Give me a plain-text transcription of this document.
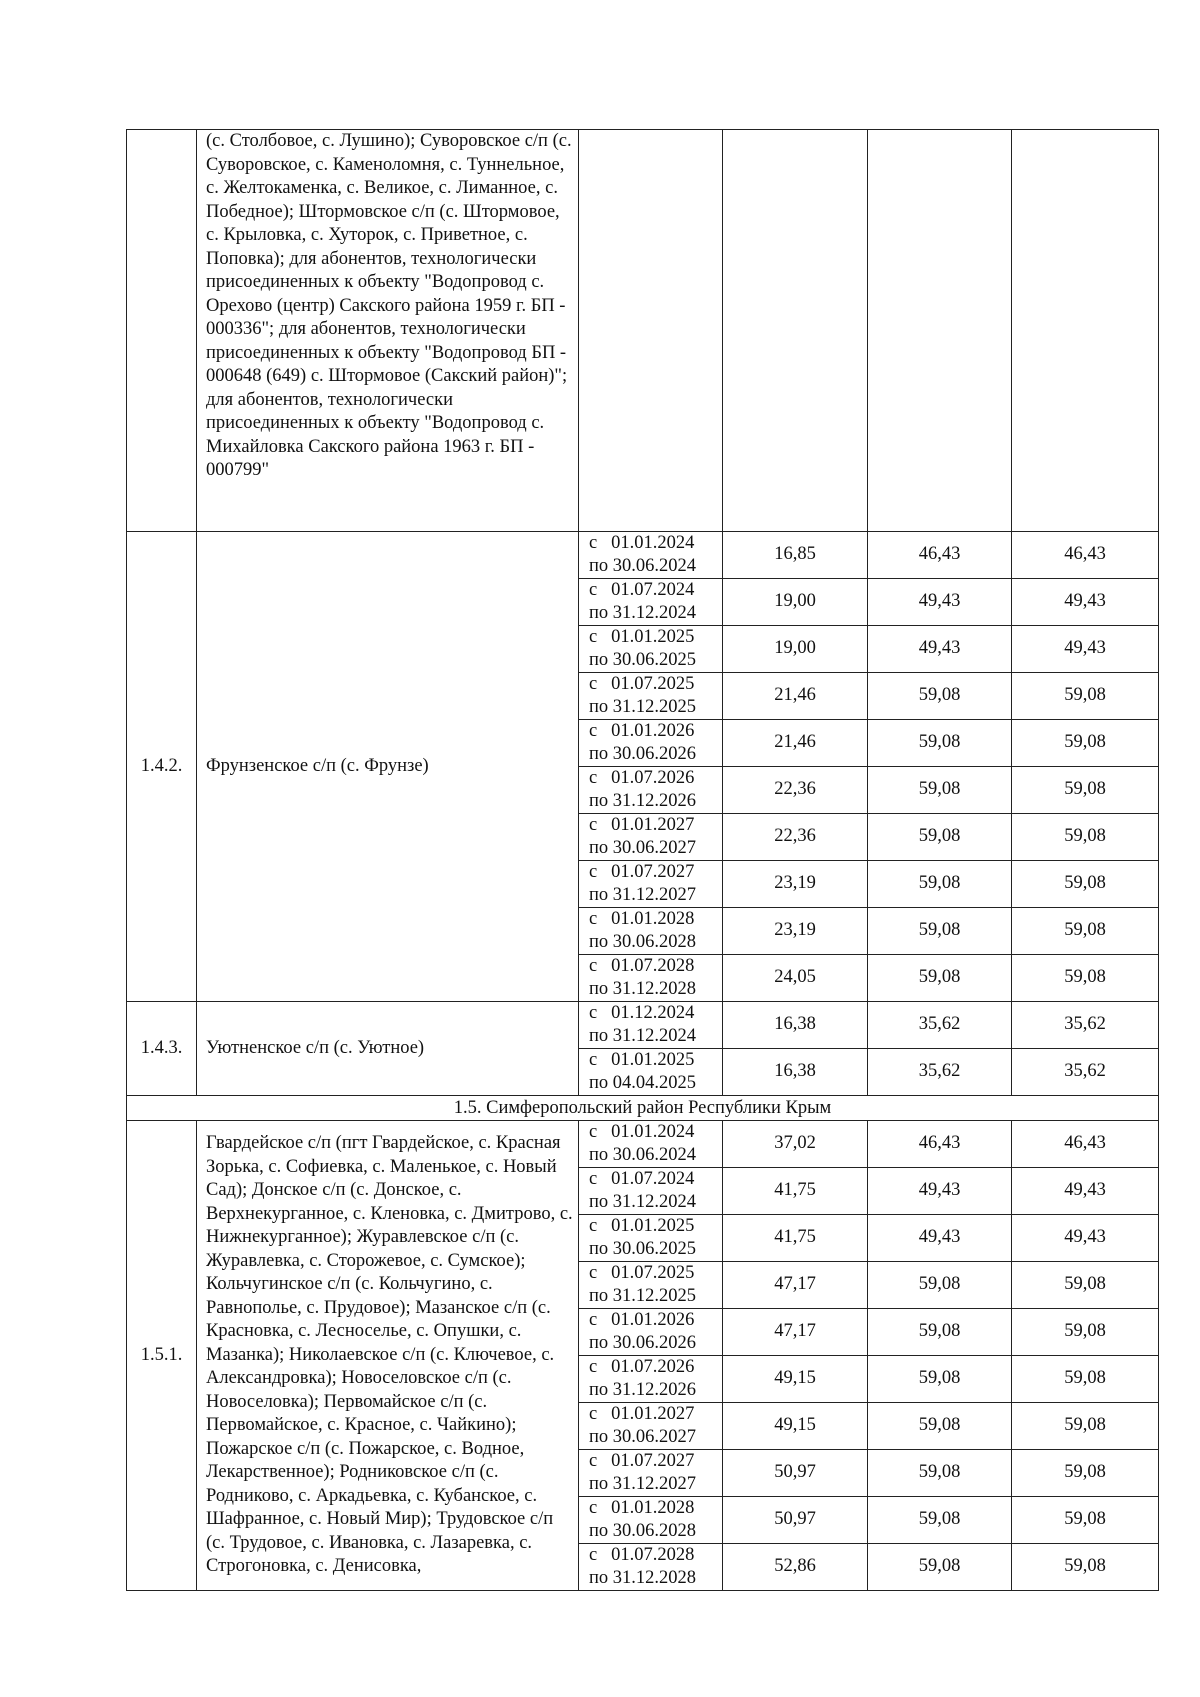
	(с. Столбовое, с. Лушино); Суворовское с/п (с. Суворовское, с. Каменоломня, с. Туннельное, с. Желтокаменка, с. Великое, с. Лиманное, с. Победное); Штормовское с/п (с. Штормовое, с. Крыловка, с. Хуторок, с. Приветное, с. Поповка); для абонентов, технологически присоединенных к объекту "Водопровод с. Орехово (центр) Сакского района 1959 г. БП - 000336"; для абонентов, технологически присоединенных к объекту "Водопровод БП - 000648 (649) с. Штормовое (Сакский район)"; для абонентов, технологически присоединенных к объекту "Водопровод с. Михайловка Сакского района 1963 г. БП - 000799"				
1.4.2.	Фрунзенское с/п (с. Фрунзе)	с   01.01.2024
по 30.06.2024	16,85	46,43	46,43

		с   01.07.2024
по 31.12.2024	19,00	49,43	49,43

		с   01.01.2025
по 30.06.2025	19,00	49,43	49,43

		с   01.07.2025
по 31.12.2025	21,46	59,08	59,08

		с   01.01.2026
по 30.06.2026	21,46	59,08	59,08

		с   01.07.2026
по 31.12.2026	22,36	59,08	59,08

		с   01.01.2027
по 30.06.2027	22,36	59,08	59,08

		с   01.07.2027
по 31.12.2027	23,19	59,08	59,08

		с   01.01.2028
по 30.06.2028	23,19	59,08	59,08

		с   01.07.2028
по 31.12.2028	24,05	59,08	59,08
1.4.3.	Уютненское с/п (с. Уютное)	с   01.12.2024
по 31.12.2024	16,38	35,62	35,62

		с   01.01.2025
по 04.04.2025	16,38	35,62	35,62
1.5. Симферопольский район Республики Крым					
1.5.1.	Гвардейское с/п (пгт Гвардейское, с. Красная Зорька, с. Софиевка, с. Маленькое, с. Новый Сад); Донское с/п (с. Донское, с. Верхнекурганное, с. Кленовка, с. Дмитрово, с. Нижнекурганное); Журавлевское с/п (с. Журавлевка, с. Сторожевое, с. Сумское); Кольчугинское с/п (с. Кольчугино, с. Равнополье, с. Прудовое); Мазанское с/п (с. Красновка, с. Лесноселье, с. Опушки, с. Мазанка); Николаевское с/п (с. Ключевое, с. Александровка); Новоселовское с/п (с. Новоселовка); Первомайское с/п (с. Первомайское, с. Красное, с. Чайкино); Пожарское с/п (с. Пожарское, с. Водное, Лекарственное); Родниковское с/п (с. Родниково, с. Аркадьевка, с. Кубанское, с. Шафранное, с. Новый Мир); Трудовское с/п (с. Трудовое, с. Ивановка, с. Лазаревка, с. Строгоновка, с. Денисовка,	с   01.01.2024
по 30.06.2024	37,02	46,43	46,43

		с   01.07.2024
по 31.12.2024	41,75	49,43	49,43

		с   01.01.2025
по 30.06.2025	41,75	49,43	49,43

		с   01.07.2025
по 31.12.2025	47,17	59,08	59,08

		с   01.01.2026
по 30.06.2026	47,17	59,08	59,08

		с   01.07.2026
по 31.12.2026	49,15	59,08	59,08

		с   01.01.2027
по 30.06.2027	49,15	59,08	59,08

		с   01.07.2027
по 31.12.2027	50,97	59,08	59,08

		с   01.01.2028
по 30.06.2028	50,97	59,08	59,08

		с   01.07.2028
по 31.12.2028	52,86	59,08	59,08
